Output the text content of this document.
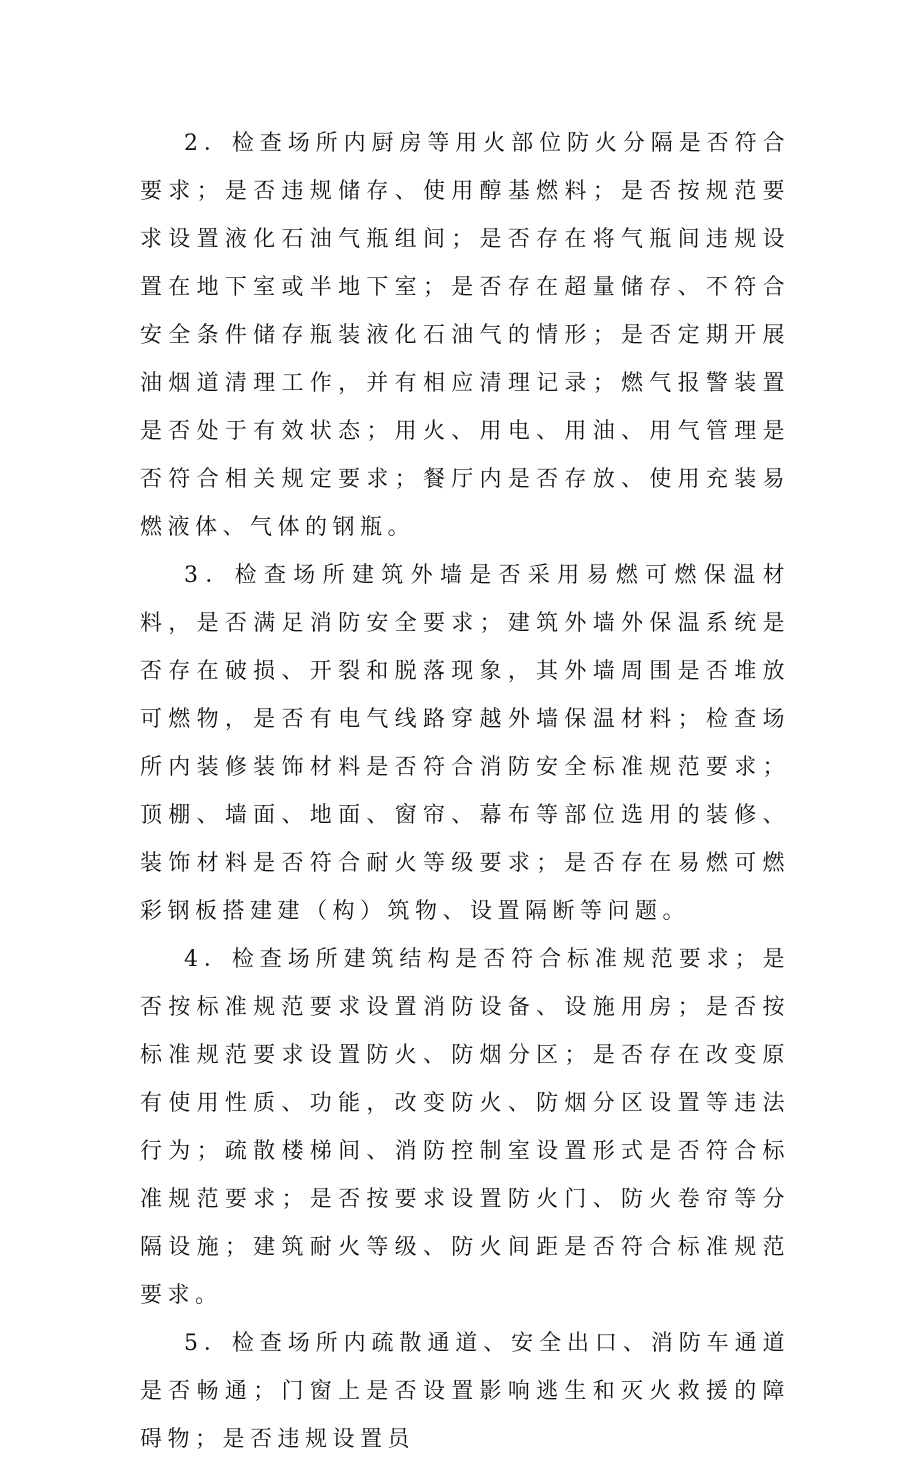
2．检查场所内厨房等用火部位防火分隔是否符合要求；是否违规储存、使用醇基燃料；是否按规范要求设置液化石油气瓶组间；是否存在将气瓶间违规设置在地下室或半地下室；是否存在超量储存、不符合安全条件储存瓶装液化石油气的情形；是否定期开展油烟道清理工作，并有相应清理记录；燃气报警装置是否处于有效状态；用火、用电、用油、用气管理是否符合相关规定要求；餐厅内是否存放、使用充装易燃液体、气体的钢瓶。

3．检查场所建筑外墙是否采用易燃可燃保温材料，是否满足消防安全要求；建筑外墙外保温系统是否存在破损、开裂和脱落现象，其外墙周围是否堆放可燃物，是否有电气线路穿越外墙保温材料；检查场所内装修装饰材料是否符合消防安全标准规范要求；顶棚、墙面、地面、窗帘、幕布等部位选用的装修、装饰材料是否符合耐火等级要求；是否存在易燃可燃彩钢板搭建建（构）筑物、设置隔断等问题。

4．检查场所建筑结构是否符合标准规范要求；是否按标准规范要求设置消防设备、设施用房；是否按标准规范要求设置防火、防烟分区；是否存在改变原有使用性质、功能，改变防火、防烟分区设置等违法行为；疏散楼梯间、消防控制室设置形式是否符合标准规范要求；是否按要求设置防火门、防火卷帘等分隔设施；建筑耐火等级、防火间距是否符合标准规范要求。

5．检查场所内疏散通道、安全出口、消防车通道是否畅通；门窗上是否设置影响逃生和灭火救援的障碍物；是否违规设置员
